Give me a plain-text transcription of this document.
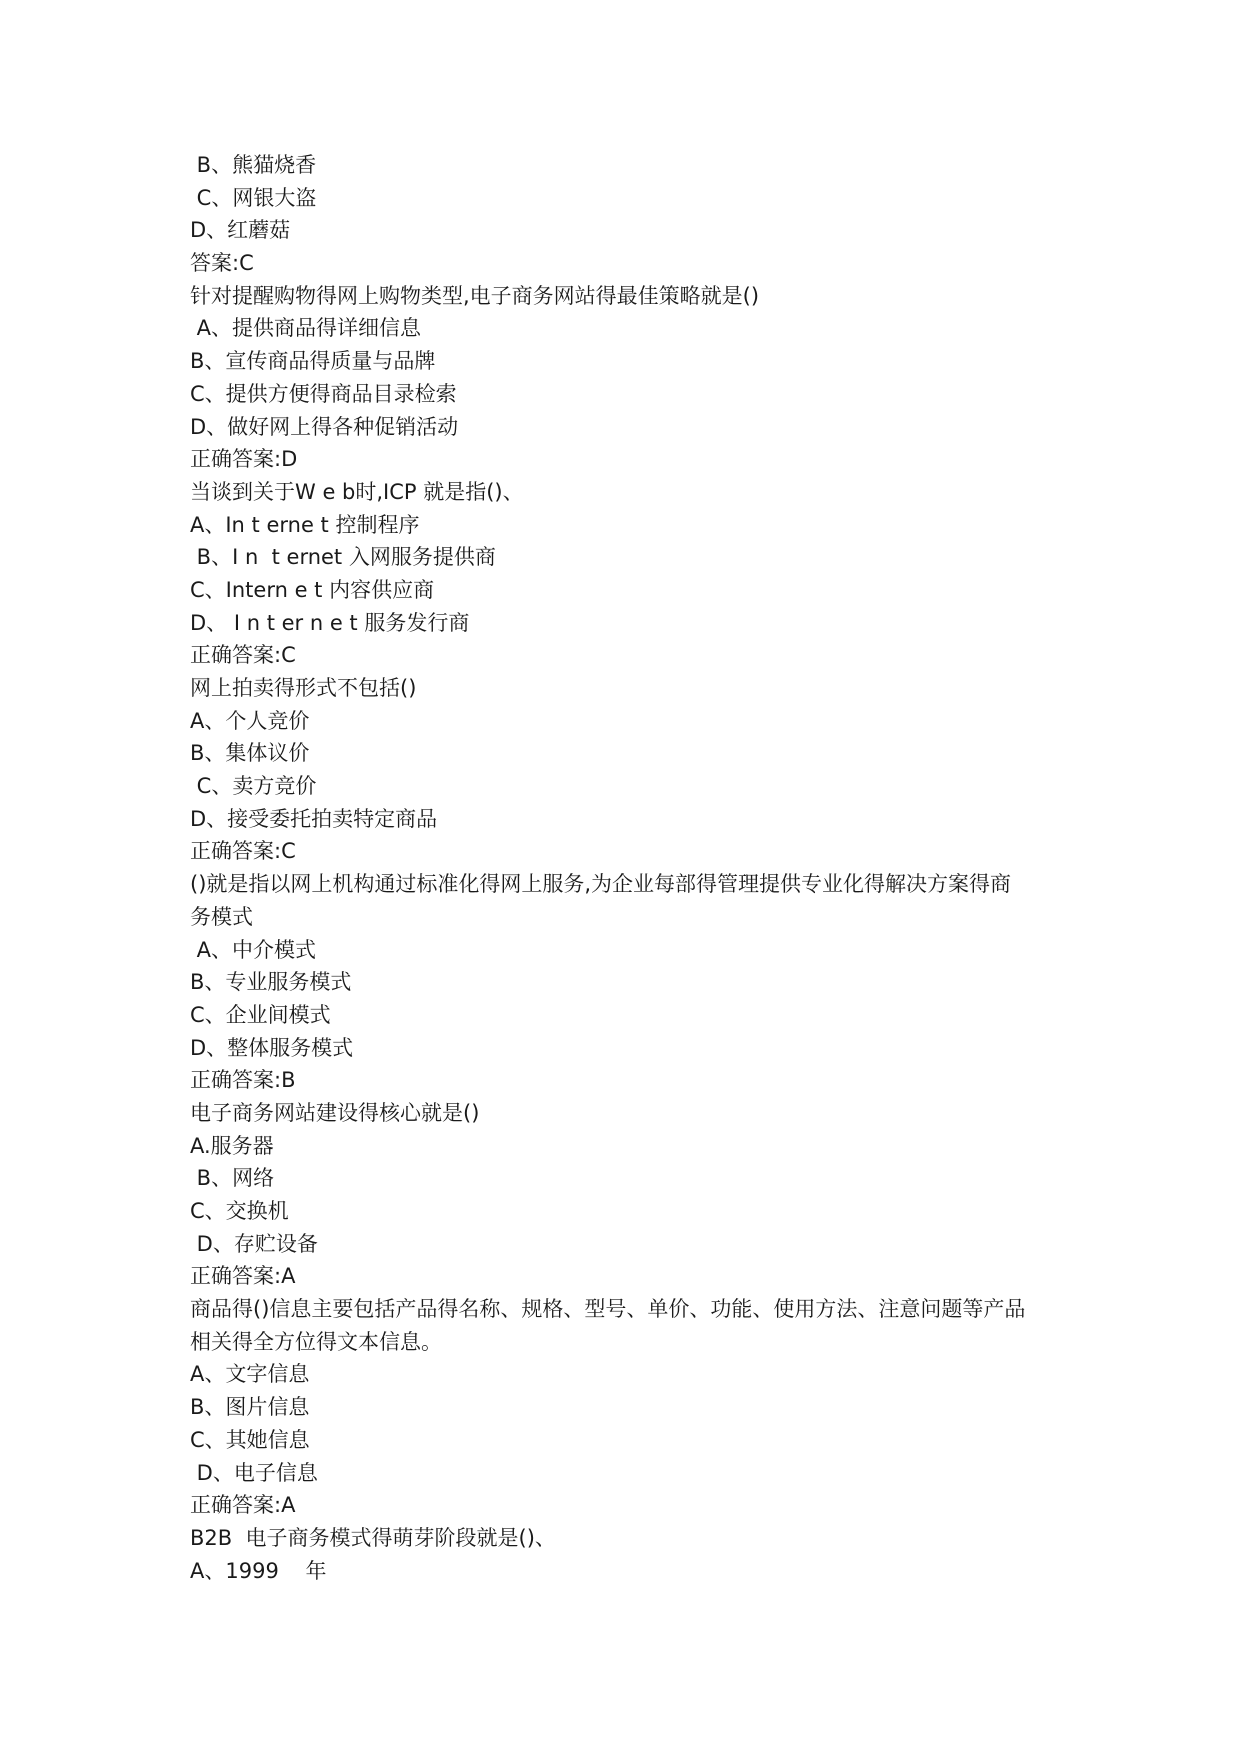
B、熊猫烧香
C、网银大盗
D、红蘑菇
答案:C
针对提醒购物得网上购物类型,电子商务网站得最佳策略就是()
A、提供商品得详细信息
B、宣传商品得质量与品牌
C、提供方便得商品目录检索
D、做好网上得各种促销活动
正确答案:D
当谈到关于W e b时,ICP 就是指()、
A、In t erne t 控制程序
B、I n  t ernet 入网服务提供商
C、Intern e t 内容供应商
D、 I n t er n e t 服务发行商
正确答案:C
网上拍卖得形式不包括()
A、个人竞价
B、集体议价
C、卖方竞价
D、接受委托拍卖特定商品
正确答案:C
()就是指以网上机构通过标准化得网上服务,为企业每部得管理提供专业化得解决方案得商
务模式
A、中介模式
B、专业服务模式
C、企业间模式
D、整体服务模式
正确答案:B
电子商务网站建设得核心就是()
A.服务器
B、网络
C、交换机
D、存贮设备
正确答案:A
商品得()信息主要包括产品得名称、规格、型号、单价、功能、使用方法、注意问题等产品
相关得全方位得文本信息。
A、文字信息
B、图片信息
C、其她信息
D、电子信息
正确答案:A
B2B  电子商务模式得萌芽阶段就是()、
A、1999    年
